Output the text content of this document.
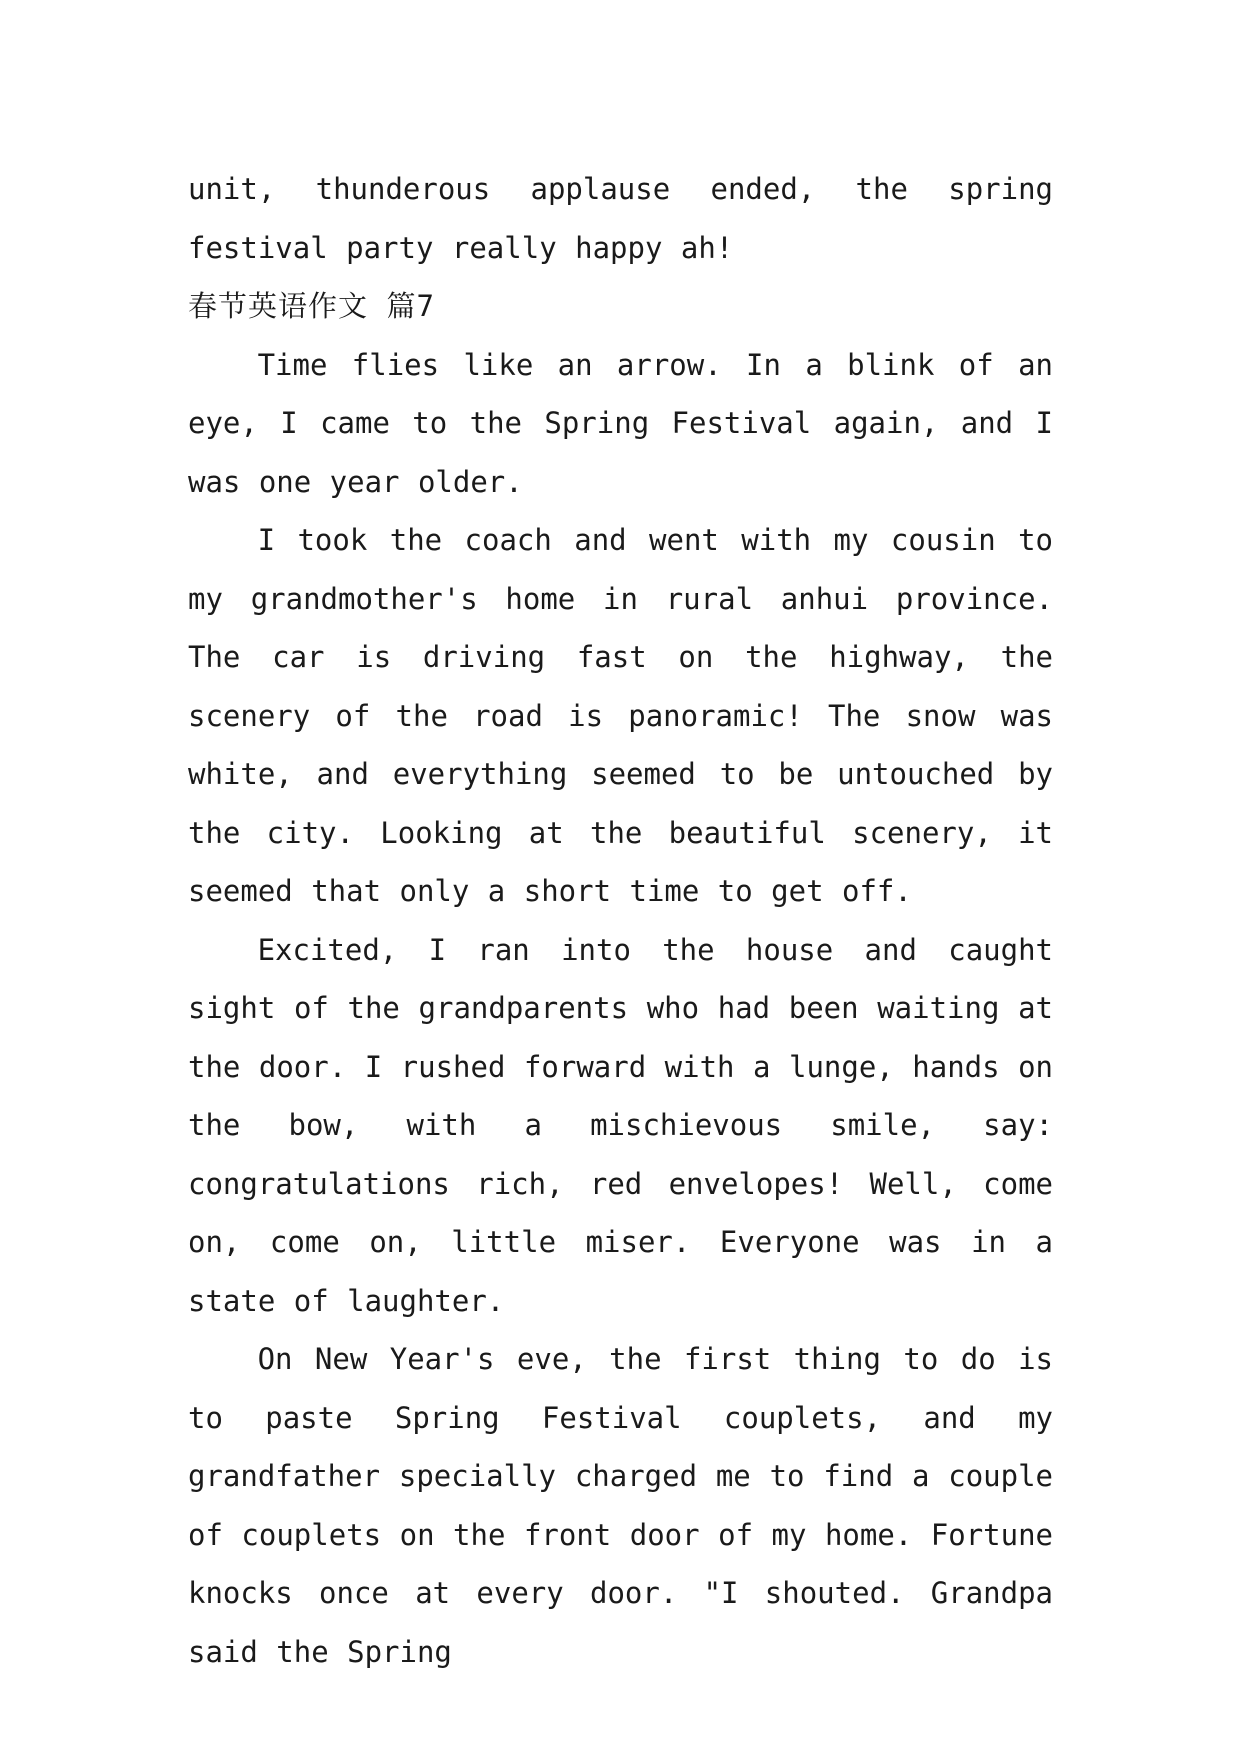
unit, thunderous applause ended, the spring festival party really happy ah!

春节英语作文 篇7

Time flies like an arrow. In a blink of an eye, I came to the Spring Festival again, and I was one year older.

I took the coach and went with my cousin to my grandmother's home in rural anhui province. The car is driving fast on the highway, the scenery of the road is panoramic! The snow was white, and everything seemed to be untouched by the city. Looking at the beautiful scenery, it seemed that only a short time to get off.

Excited, I ran into the house and caught sight of the grandparents who had been waiting at the door. I rushed forward with a lunge, hands on the bow, with a mischievous smile, say: congratulations rich, red envelopes! Well, come on, come on, little miser. Everyone was in a state of laughter.

On New Year's eve, the first thing to do is to paste Spring Festival couplets, and my grandfather specially charged me to find a couple of couplets on the front door of my home. Fortune knocks once at every door. "I shouted. Grandpa said the Spring
